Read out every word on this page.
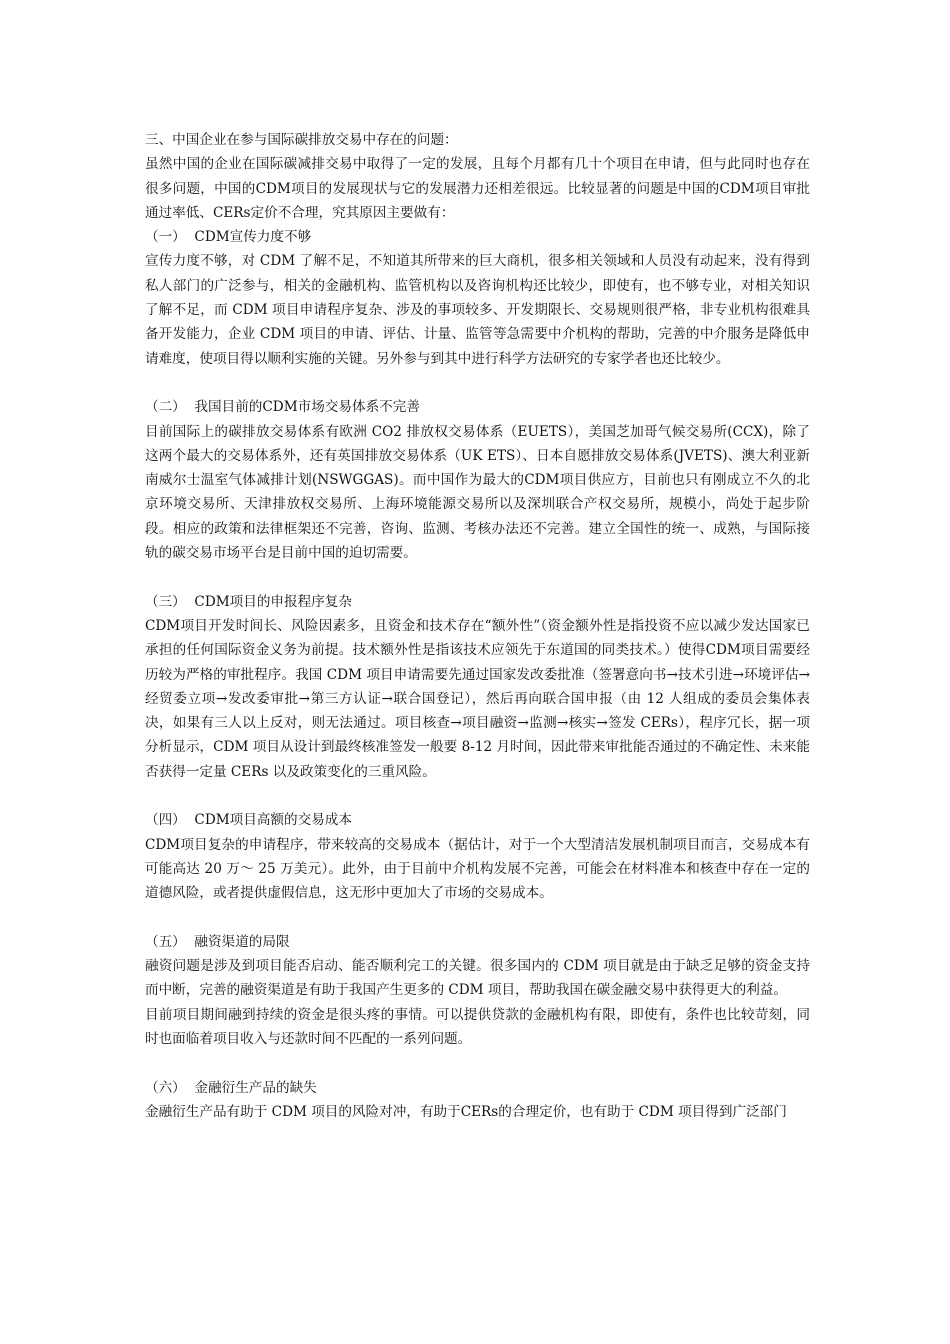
三、中国企业在参与国际碳排放交易中存在的问题：

虽然中国的企业在国际碳减排交易中取得了一定的发展，且每个月都有几十个项目在申请，但与此同时也存在很多问题，中国的CDM项目的发展现状与它的发展潜力还相差很远。比较显著的问题是中国的CDM项目审批通过率低、CERs定价不合理，究其原因主要做有：

（一）  CDM宣传力度不够

宣传力度不够，对 CDM 了解不足，不知道其所带来的巨大商机，很多相关领域和人员没有动起来，没有得到私人部门的广泛参与，相关的金融机构、监管机构以及咨询机构还比较少，即使有，也不够专业，对相关知识了解不足，而 CDM 项目申请程序复杂、涉及的事项较多、开发期限长、交易规则很严格，非专业机构很难具备开发能力，企业 CDM 项目的申请、评估、计量、监管等急需要中介机构的帮助，完善的中介服务是降低申请难度，使项目得以顺利实施的关键。另外参与到其中进行科学方法研究的专家学者也还比较少。

（二）  我国目前的CDM市场交易体系不完善

目前国际上的碳排放交易体系有欧洲 CO2 排放权交易体系（EUETS），美国芝加哥气候交易所(CCX)，除了这两个最大的交易体系外，还有英国排放交易体系（UK ETS）、日本自愿排放交易体系(JVETS)、澳大利亚新南威尔士温室气体减排计划(NSWGGAS)。而中国作为最大的CDM项目供应方，目前也只有刚成立不久的北京环境交易所、天津排放权交易所、上海环境能源交易所以及深圳联合产权交易所，规模小，尚处于起步阶段。相应的政策和法律框架还不完善，咨询、监测、考核办法还不完善。建立全国性的统一、成熟，与国际接轨的碳交易市场平台是目前中国的迫切需要。

（三）  CDM项目的申报程序复杂

CDM项目开发时间长、风险因素多，且资金和技术存在“额外性”（资金额外性是指投资不应以减少发达国家已承担的任何国际资金义务为前提。技术额外性是指该技术应领先于东道国的同类技术。）使得CDM项目需要经历较为严格的审批程序。我国 CDM 项目申请需要先通过国家发改委批准（签署意向书→技术引进→环境评估→经贸委立项→发改委审批→第三方认证→联合国登记），然后再向联合国申报（由 12 人组成的委员会集体表决，如果有三人以上反对，则无法通过。项目核查→项目融资→监测→核实→签发 CERs），程序冗长，据一项分析显示，CDM 项目从设计到最终核准签发一般要 8-12 月时间，因此带来审批能否通过的不确定性、未来能否获得一定量 CERs 以及政策变化的三重风险。

（四）  CDM项目高额的交易成本

CDM项目复杂的申请程序，带来较高的交易成本（据估计，对于一个大型清洁发展机制项目而言，交易成本有可能高达 20 万～ 25 万美元）。此外，由于目前中介机构发展不完善，可能会在材料准本和核查中存在一定的道德风险，或者提供虚假信息，这无形中更加大了市场的交易成本。

（五）  融资渠道的局限

融资问题是涉及到项目能否启动、能否顺利完工的关键。很多国内的 CDM 项目就是由于缺乏足够的资金支持而中断，完善的融资渠道是有助于我国产生更多的 CDM 项目，帮助我国在碳金融交易中获得更大的利益。

目前项目期间融到持续的资金是很头疼的事情。可以提供贷款的金融机构有限，即使有，条件也比较苛刻，同时也面临着项目收入与还款时间不匹配的一系列问题。

（六）  金融衍生产品的缺失

金融衍生产品有助于 CDM 项目的风险对冲，有助于CERs的合理定价，也有助于 CDM 项目得到广泛部门
